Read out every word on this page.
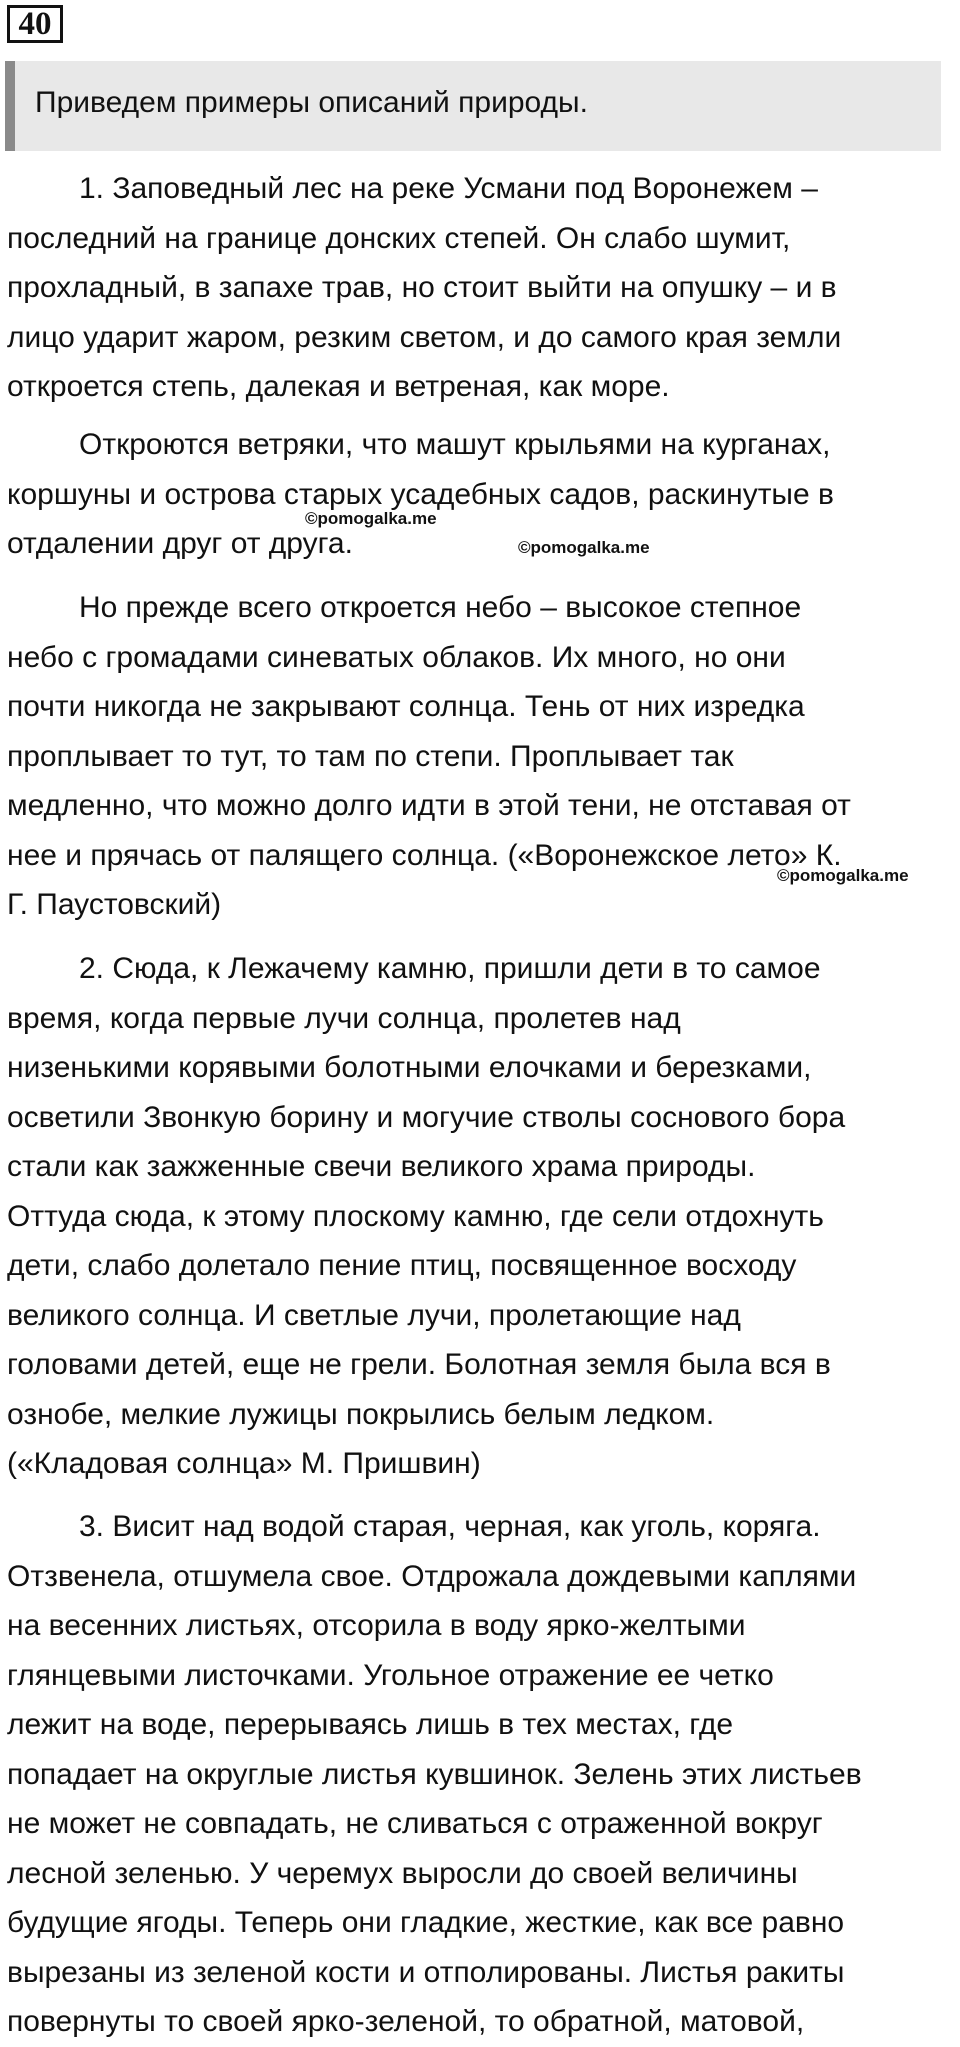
40
Приведем примеры описаний природы.
1. Заповедный лес на реке Усмани под Воронежем –
последний на границе донских степей. Он слабо шумит,
прохладный, в запахе трав, но стоит выйти на опушку – и в
лицо ударит жаром, резким светом, и до самого края земли
откроется степь, далекая и ветреная, как море.
Откроются ветряки, что машут крыльями на курганах,
коршуны и острова старых усадебных садов, раскинутые в
отдалении друг от друга.
Но прежде всего откроется небо – высокое степное
небо с громадами синеватых облаков. Их много, но они
почти никогда не закрывают солнца. Тень от них изредка
проплывает то тут, то там по степи. Проплывает так
медленно, что можно долго идти в этой тени, не отставая от
нее и прячась от палящего солнца. («Воронежское лето» К.
Г. Паустовский)
2. Сюда, к Лежачему камню, пришли дети в то самое
время, когда первые лучи солнца, пролетев над
низенькими корявыми болотными елочками и березками,
осветили Звонкую борину и могучие стволы соснового бора
стали как зажженные свечи великого храма природы.
Оттуда сюда, к этому плоскому камню, где сели отдохнуть
дети, слабо долетало пение птиц, посвященное восходу
великого солнца. И светлые лучи, пролетающие над
головами детей, еще не грели. Болотная земля была вся в
ознобе, мелкие лужицы покрылись белым ледком.
(«Кладовая солнца» М. Пришвин)
3. Висит над водой старая, черная, как уголь, коряга.
Отзвенела, отшумела свое. Отдрожала дождевыми каплями
на весенних листьях, отсорила в воду ярко-желтыми
глянцевыми листочками. Угольное отражение ее четко
лежит на воде, перерываясь лишь в тех местах, где
попадает на округлые листья кувшинок. Зелень этих листьев
не может не совпадать, не сливаться с отраженной вокруг
лесной зеленью. У черемух выросли до своей величины
будущие ягоды. Теперь они гладкие, жесткие, как все равно
вырезаны из зеленой кости и отполированы. Листья ракиты
повернуты то своей ярко-зеленой, то обратной, матовой,
©pomogalka.me
©pomogalka.me
©pomogalka.me
